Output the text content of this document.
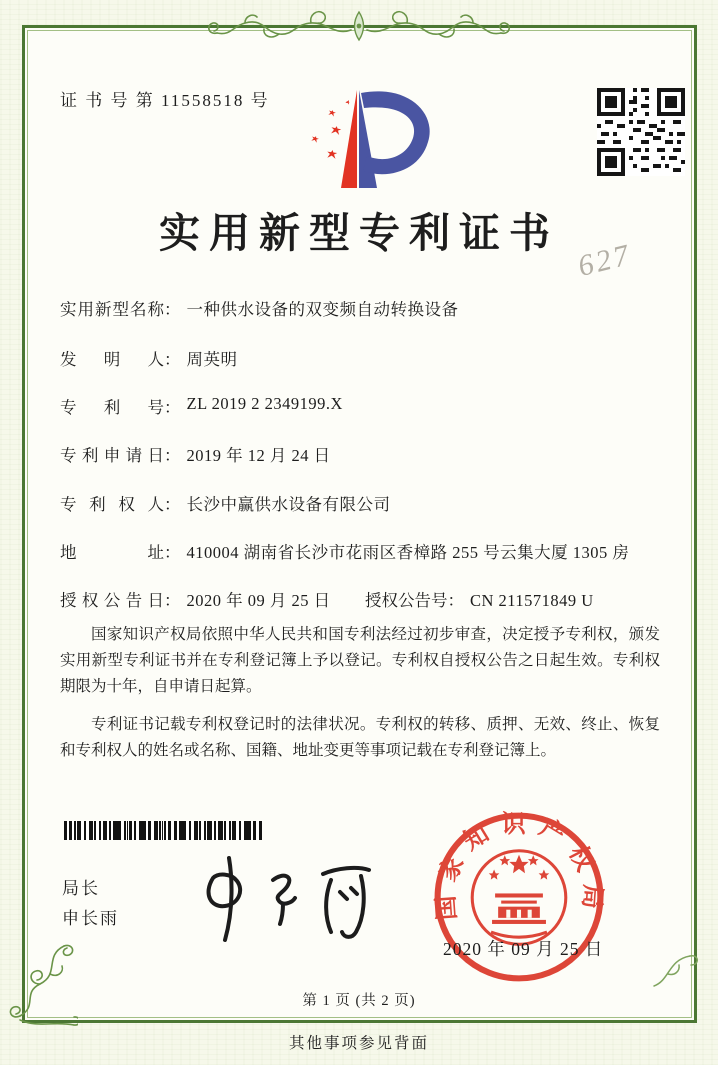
证 书 号 第 11558518 号
实用新型专利证书
627
实用新型名称： 一种供水设备的双变频自动转换设备
发明人： 周英明
专利号： ZL 2019 2 2349199.X
专利申请日： 2019 年 12 月 24 日
专利权人： 长沙中赢供水设备有限公司
地址： 410004 湖南省长沙市花雨区香樟路 255 号云集大厦 1305 房
授权公告日： 2020 年 09 月 25 日 授权公告号： CN 211571849 U

国家知识产权局依照中华人民共和国专利法经过初步审查，决定授予专利权，颁发实用新型专利证书并在专利登记簿上予以登记。专利权自授权公告之日起生效。专利权期限为十年，自申请日起算。

专利证书记载专利权登记时的法律状况。专利权的转移、质押、无效、终止、恢复和专利权人的姓名或名称、国籍、地址变更等事项记载在专利登记簿上。

局长
申长雨	国家知识产权局
2020 年 09 月 25 日
第 1 页 (共 2 页)
其他事项参见背面
